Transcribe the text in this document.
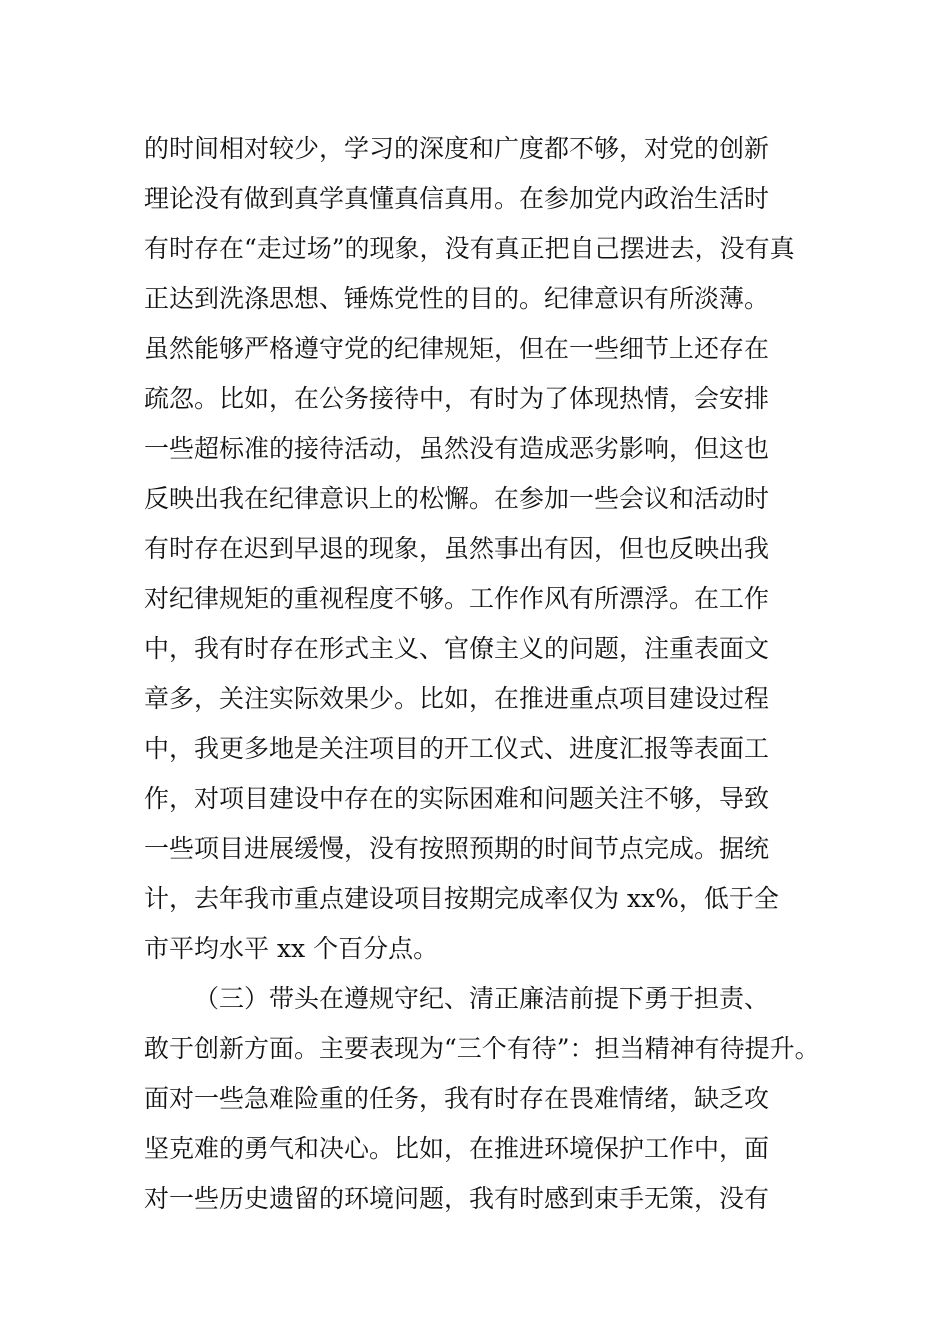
的时间相对较少，学习的深度和广度都不够，对党的创新
理论没有做到真学真懂真信真用。在参加党内政治生活时
有时存在“走过场”的现象，没有真正把自己摆进去，没有真
正达到洗涤思想、锤炼党性的目的。纪律意识有所淡薄。
虽然能够严格遵守党的纪律规矩，但在一些细节上还存在
疏忽。比如，在公务接待中，有时为了体现热情，会安排
一些超标准的接待活动，虽然没有造成恶劣影响，但这也
反映出我在纪律意识上的松懈。在参加一些会议和活动时
有时存在迟到早退的现象，虽然事出有因，但也反映出我
对纪律规矩的重视程度不够。工作作风有所漂浮。在工作
中，我有时存在形式主义、官僚主义的问题，注重表面文
章多，关注实际效果少。比如，在推进重点项目建设过程
中，我更多地是关注项目的开工仪式、进度汇报等表面工
作，对项目建设中存在的实际困难和问题关注不够，导致
一些项目进展缓慢，没有按照预期的时间节点完成。据统
计，去年我市重点建设项目按期完成率仅为 xx%，低于全
市平均水平 xx 个百分点。
（三）带头在遵规守纪、清正廉洁前提下勇于担责、
敢于创新方面。主要表现为“三个有待”：担当精神有待提升。
面对一些急难险重的任务，我有时存在畏难情绪，缺乏攻
坚克难的勇气和决心。比如，在推进环境保护工作中，面
对一些历史遗留的环境问题，我有时感到束手无策，没有
